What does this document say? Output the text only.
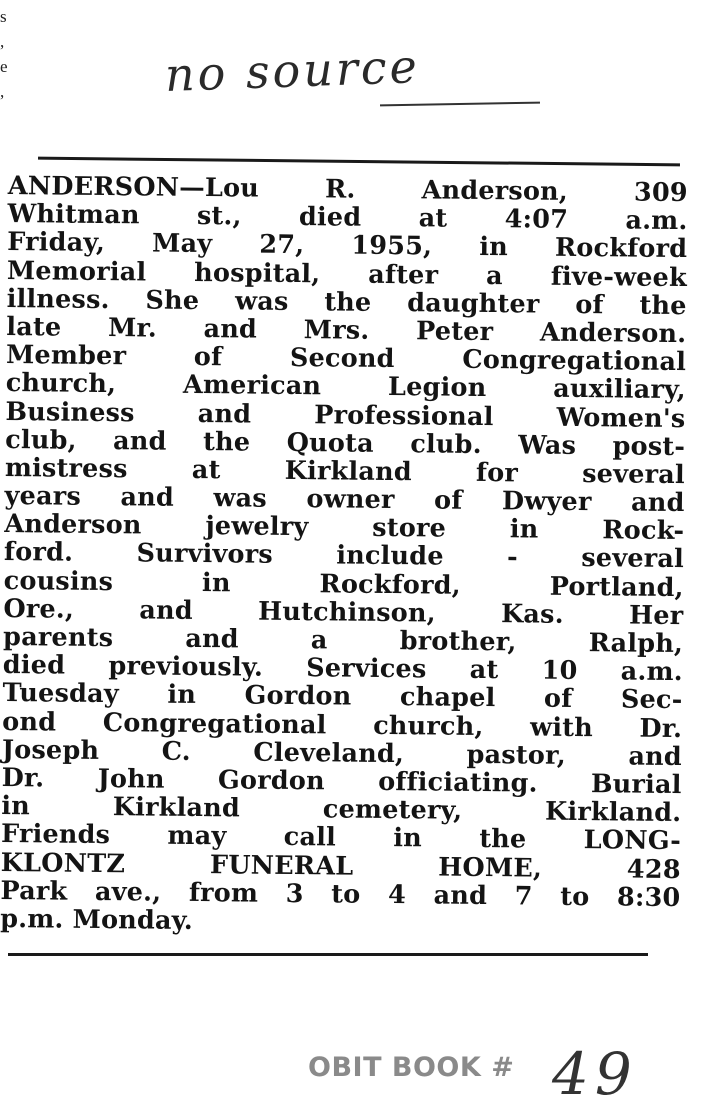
s
,
e
,	no source
ANDERSON—Lou R. Anderson, 309
Whitman st., died at 4:07 a.m.
Friday, May 27, 1955, in Rockford
Memorial hospital, after a five-week
illness. She was the daughter of the
late Mr. and Mrs. Peter Anderson.
Member of Second Congregational
church, American Legion auxiliary,
Business and Professional Women's
club, and the Quota club. Was post-
mistress at Kirkland for several
years and was owner of Dwyer and
Anderson jewelry store in Rock-
ford. Survivors include - several
cousins in Rockford, Portland,
Ore., and Hutchinson, Kas. Her
parents and a brother, Ralph,
died previously. Services at 10 a.m.
Tuesday in Gordon chapel of Sec-
ond Congregational church, with Dr.
Joseph C. Cleveland, pastor, and
Dr. John Gordon officiating. Burial
in Kirkland cemetery, Kirkland.
Friends may call in the LONG-
KLONTZ FUNERAL HOME, 428
Park ave., from 3 to 4 and 7 to 8:30
p.m. Monday.
OBIT BOOK # 49
